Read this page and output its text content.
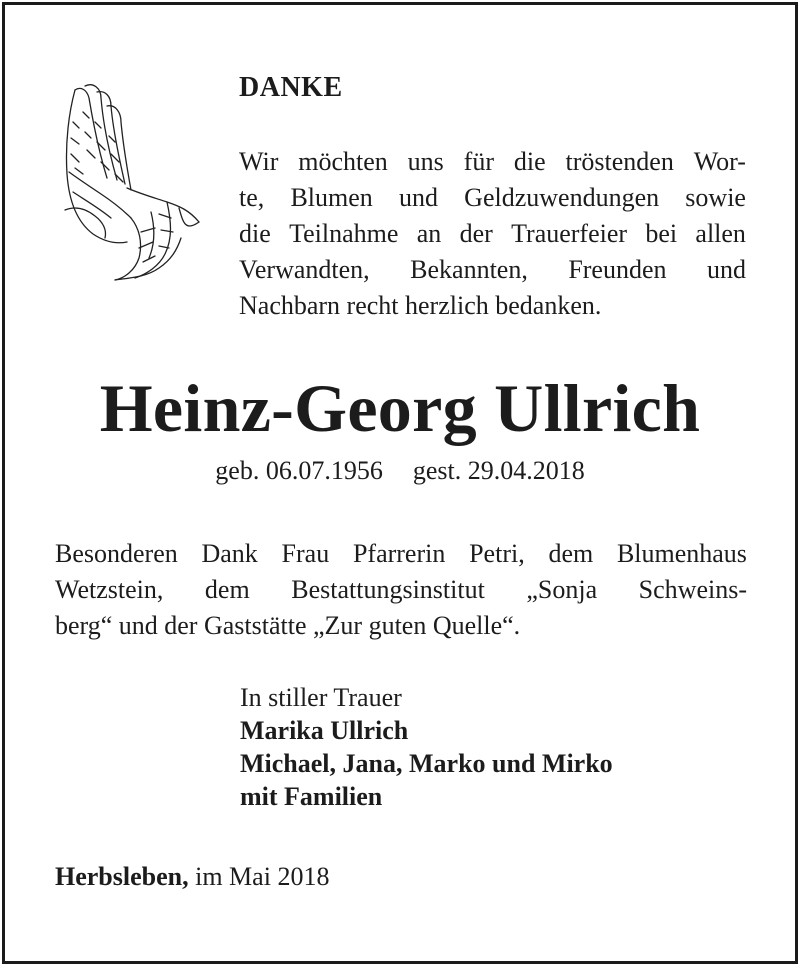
DANKE
Wir möchten uns für die tröstenden Wor-
te, Blumen und Geldzuwendungen sowie
die Teilnahme an der Trauerfeier bei allen
Verwandten, Bekannten, Freunden und
Nachbarn recht herzlich bedanken.
Heinz-Georg Ullrich
geb. 06.07.1956 gest. 29.04.2018
Besonderen Dank Frau Pfarrerin Petri, dem Blumenhaus
Wetzstein, dem Bestattungsinstitut „Sonja Schweins-
berg“ und der Gaststätte „Zur guten Quelle“.
In stiller Trauer
Marika Ullrich
Michael, Jana, Marko und Mirko
mit Familien
Herbsleben, im Mai 2018
